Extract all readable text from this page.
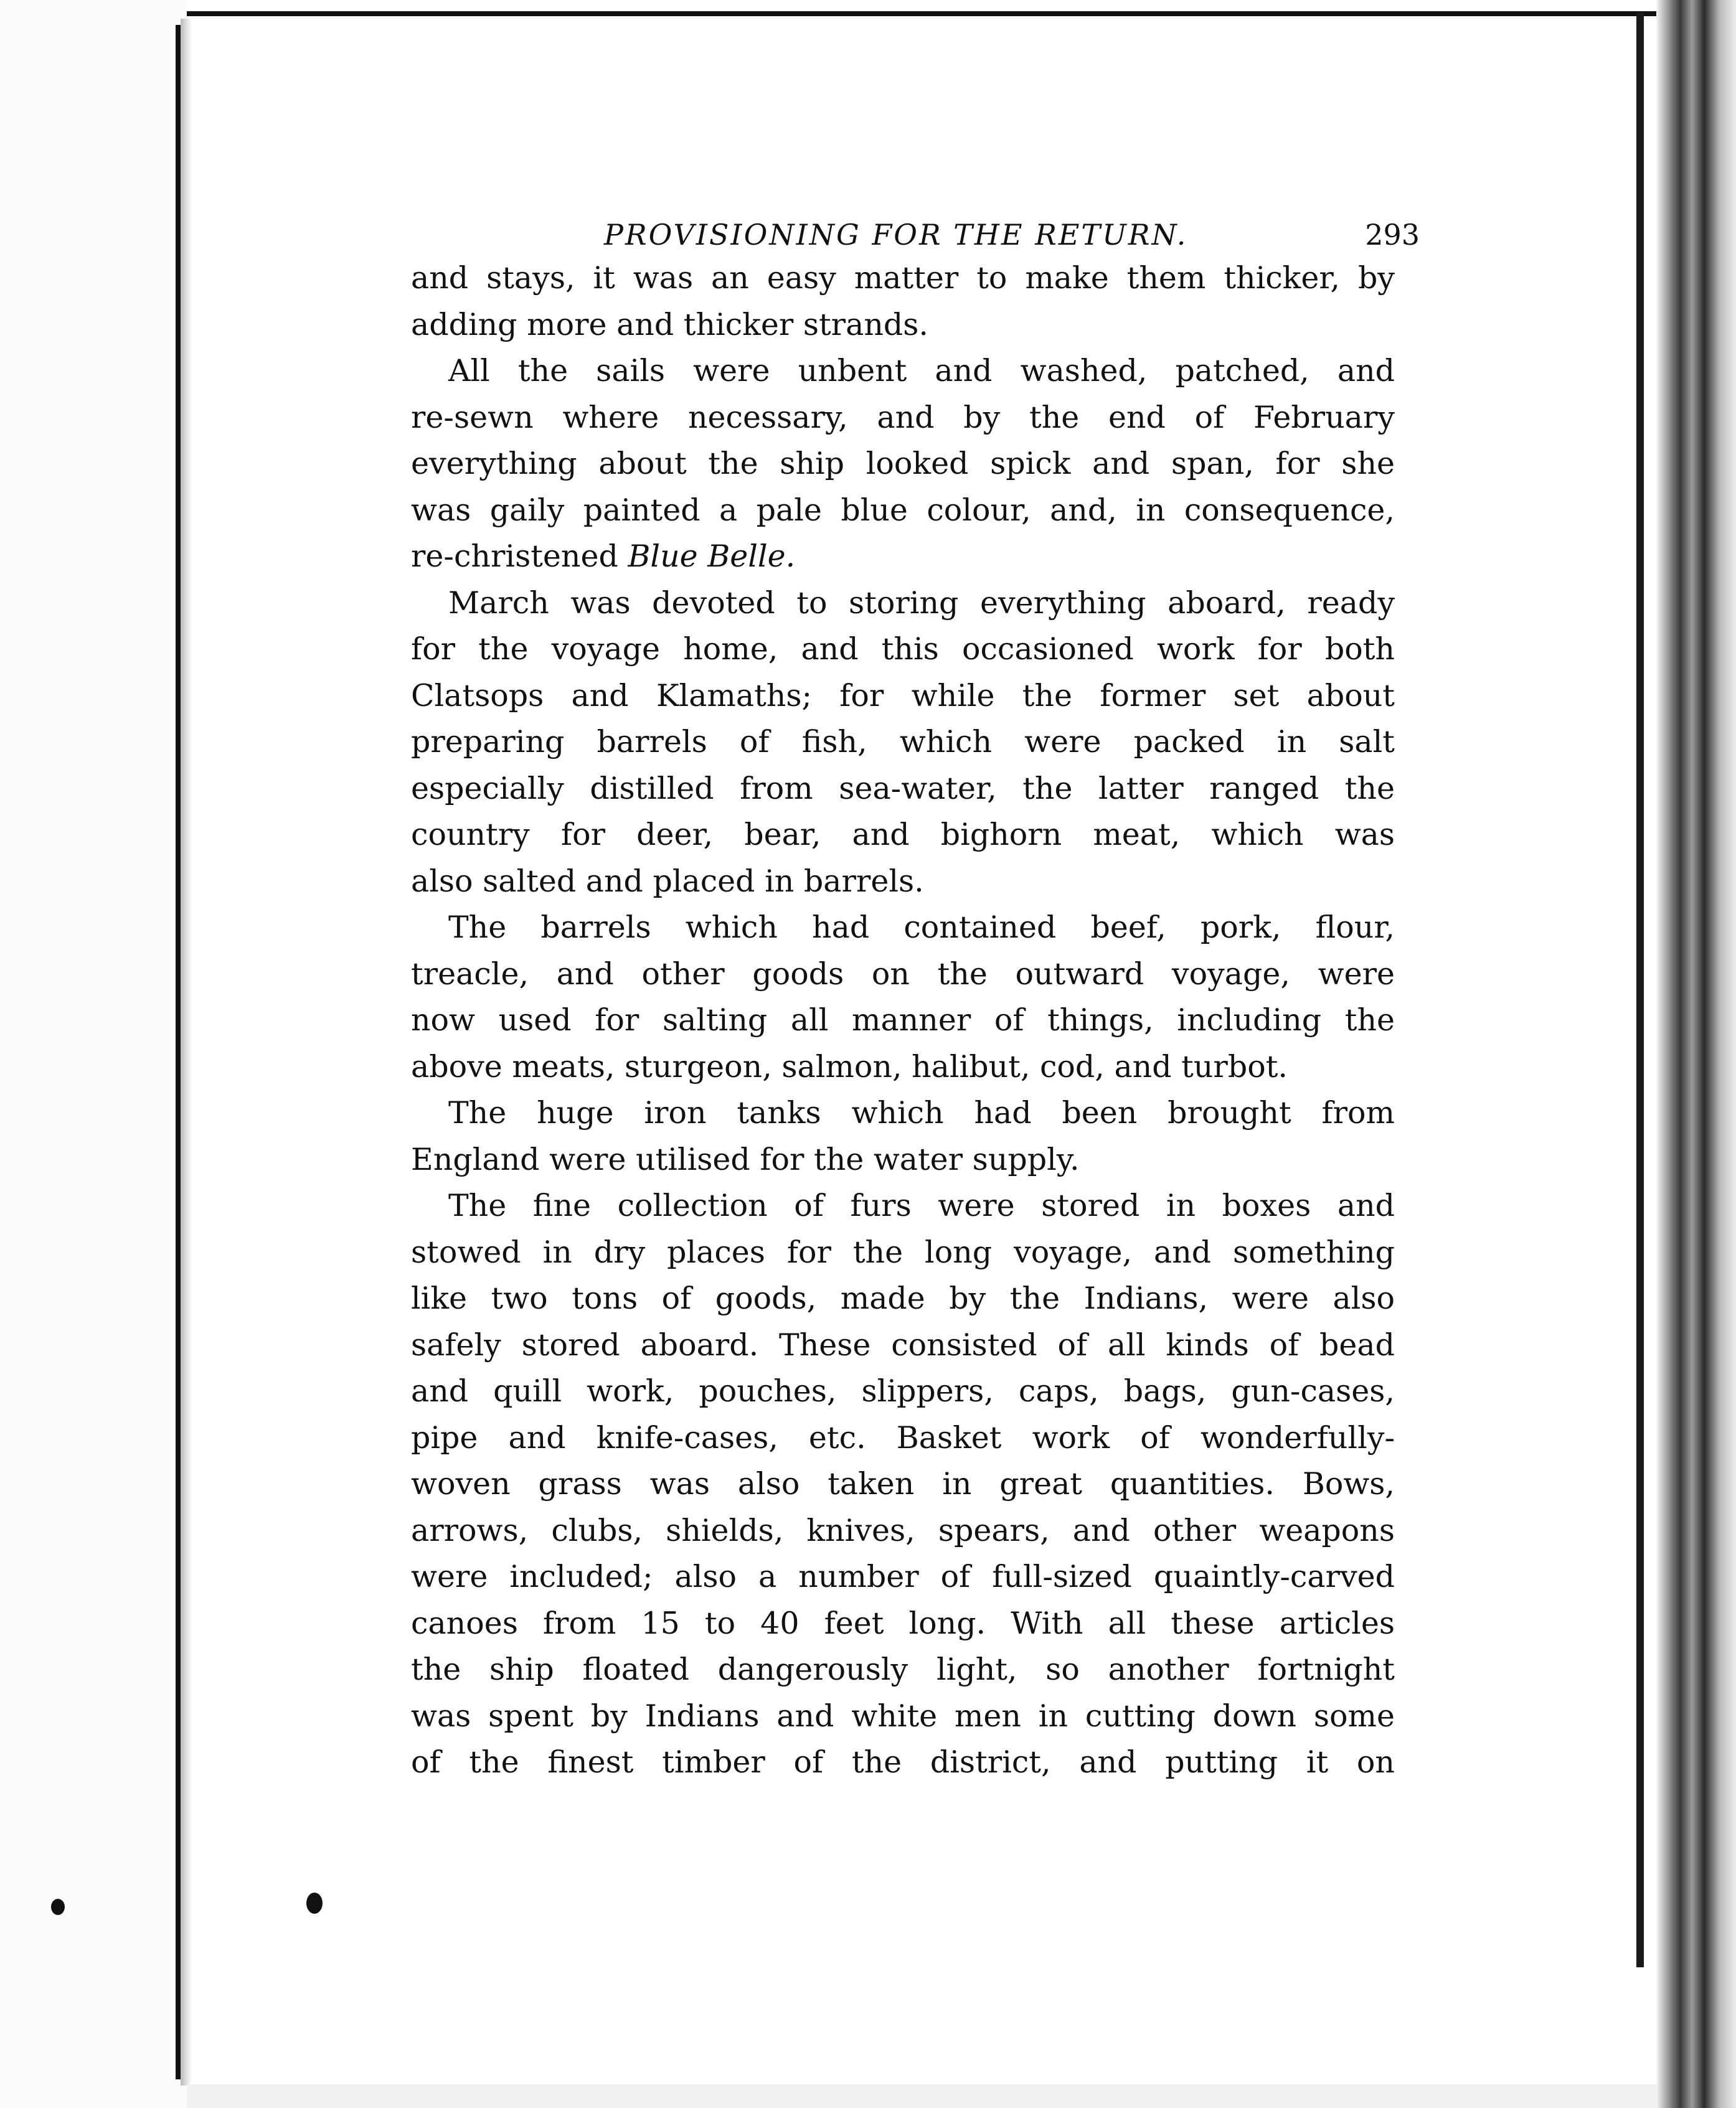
PROVISIONING FOR THE RETURN.	293

and stays, it was an easy matter to make them thicker, by

adding more and thicker strands.

All the sails were unbent and washed, patched, and

re-sewn where necessary, and by the end of February

everything about the ship looked spick and span, for she

was gaily painted a pale blue colour, and, in consequence,

re-christened Blue Belle.

March was devoted to storing everything aboard, ready

for the voyage home, and this occasioned work for both

Clatsops and Klamaths; for while the former set about

preparing barrels of fish, which were packed in salt

especially distilled from sea-water, the latter ranged the

country for deer, bear, and bighorn meat, which was

also salted and placed in barrels.

The barrels which had contained beef, pork, flour,

treacle, and other goods on the outward voyage, were

now used for salting all manner of things, including the

above meats, sturgeon, salmon, halibut, cod, and turbot.

The huge iron tanks which had been brought from

England were utilised for the water supply.

The fine collection of furs were stored in boxes and

stowed in dry places for the long voyage, and something

like two tons of goods, made by the Indians, were also

safely stored aboard. These consisted of all kinds of bead

and quill work, pouches, slippers, caps, bags, gun-cases,

pipe and knife-cases, etc. Basket work of wonderfully-

woven grass was also taken in great quantities. Bows,

arrows, clubs, shields, knives, spears, and other weapons

were included; also a number of full-sized quaintly-carved

canoes from 15 to 40 feet long. With all these articles

the ship floated dangerously light, so another fortnight

was spent by Indians and white men in cutting down some

of the finest timber of the district, and putting it on
